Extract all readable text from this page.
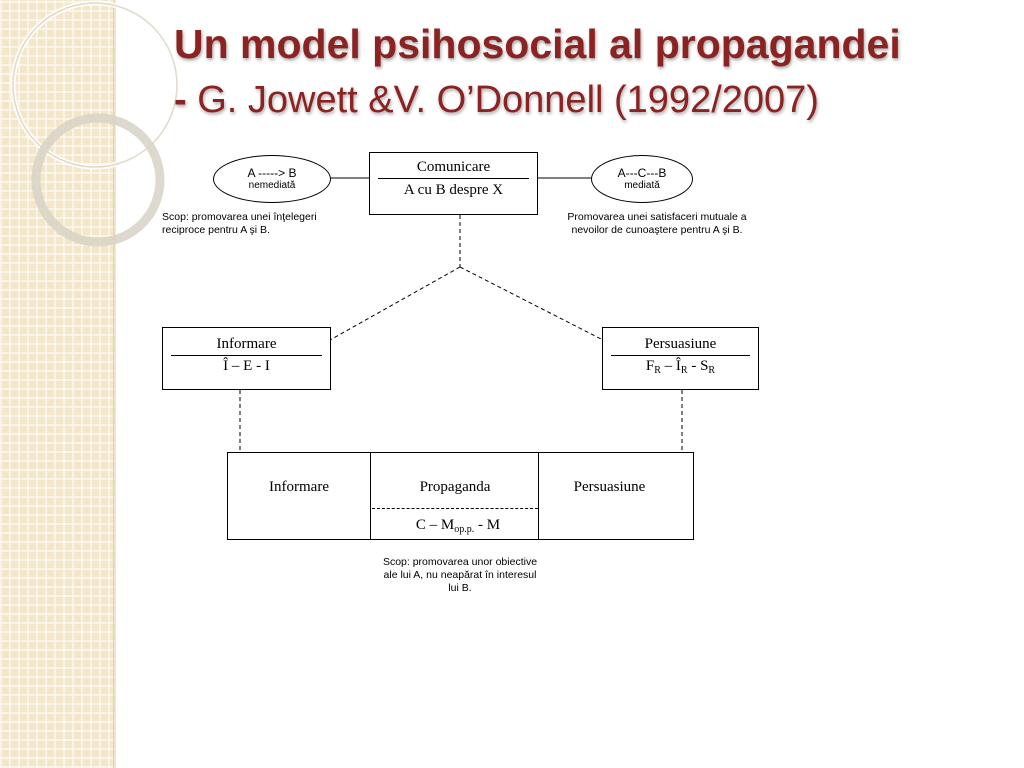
Un model psihosocial al propagandei
- G. Jowett &V. O’Donnell (1992/2007)
Comunicare
A cu B despre X
A -----> B
nemediată
A---C---B
mediată
Scop: promovarea unei înţelegeri
reciproce pentru A şi B.
Promovarea unei satisfaceri mutuale a
nevoilor de cunoaştere pentru A şi B.
Informare
Î – E - I
Persuasiune
$F_R$ – $Î_R - S_R$
Informare	Propaganda	Persuasiune
C – $M_{op.p.}$ - M
Scop: promovarea unor obiective
ale lui A, nu neapărat în interesul
lui B.
